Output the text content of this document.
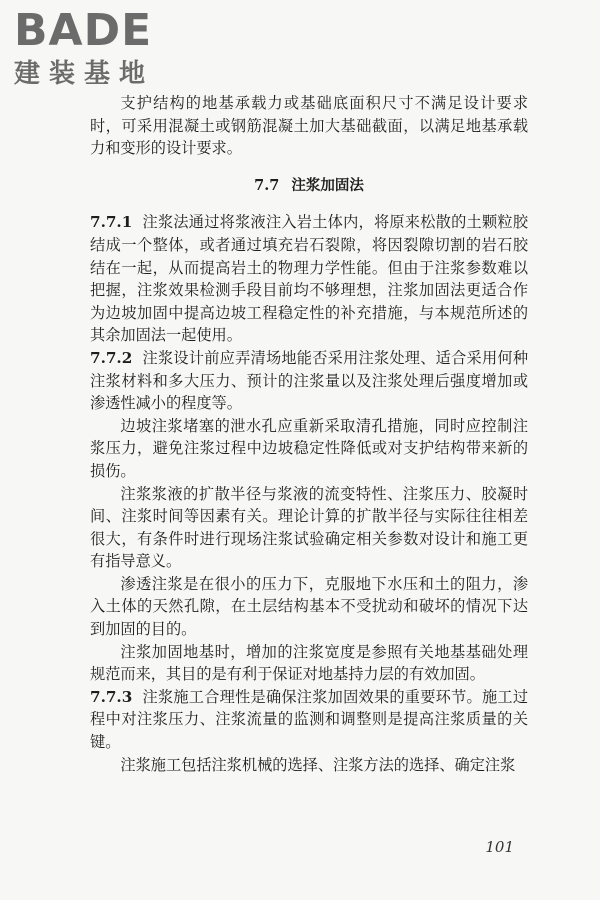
BADE
建装基地

支护结构的地基承载力或基础底面积尺寸不满足设计要求时，可采用混凝土或钢筋混凝土加大基础截面，以满足地基承载力和变形的设计要求。

7.7 注浆加固法

7.7.1 注浆法通过将浆液注入岩土体内，将原来松散的土颗粒胶结成一个整体，或者通过填充岩石裂隙，将因裂隙切割的岩石胶结在一起，从而提高岩土的物理力学性能。但由于注浆参数难以把握，注浆效果检测手段目前均不够理想，注浆加固法更适合作为边坡加固中提高边坡工程稳定性的补充措施，与本规范所述的其余加固法一起使用。

7.7.2 注浆设计前应弄清场地能否采用注浆处理、适合采用何种注浆材料和多大压力、预计的注浆量以及注浆处理后强度增加或渗透性减小的程度等。

边坡注浆堵塞的泄水孔应重新采取清孔措施，同时应控制注浆压力，避免注浆过程中边坡稳定性降低或对支护结构带来新的损伤。

注浆浆液的扩散半径与浆液的流变特性、注浆压力、胶凝时间、注浆时间等因素有关。理论计算的扩散半径与实际往往相差很大，有条件时进行现场注浆试验确定相关参数对设计和施工更有指导意义。

渗透注浆是在很小的压力下，克服地下水压和土的阻力，渗入土体的天然孔隙，在土层结构基本不受扰动和破坏的情况下达到加固的目的。

注浆加固地基时，增加的注浆宽度是参照有关地基基础处理规范而来，其目的是有利于保证对地基持力层的有效加固。

7.7.3 注浆施工合理性是确保注浆加固效果的重要环节。施工过程中对注浆压力、注浆流量的监测和调整则是提高注浆质量的关键。

注浆施工包括注浆机械的选择、注浆方法的选择、确定注浆

101
